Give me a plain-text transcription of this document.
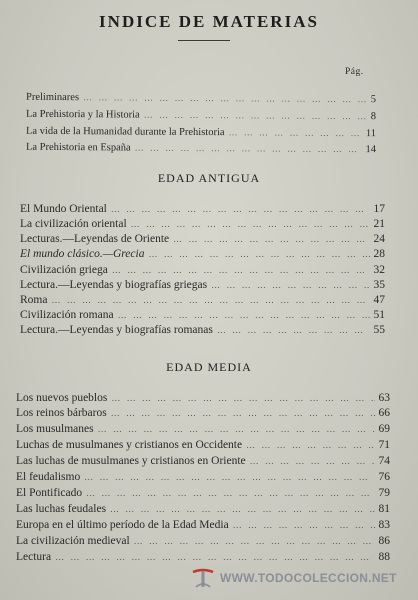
INDICE DE MATERIAS
Pág.
Preliminares … … … … … … … … … … … … … … … … … … … … … … … … … … … … … … … … …	5
La Prehistoria y la Historia … … … … … … … … … … … … … … … … … … … … … … … … … … … … … … … … …	8
La vida de la Humanidad durante la Prehistoria … … … … … … … … … … … … … … … … … … … … … … … … … … … … … … … … …	11
La Prehistoria en España … … … … … … … … … … … … … … … … … … … … … … … … … … … … … … … … …	14
EDAD ANTIGUA
El Mundo Oriental … … … … … … … … … … … … … … … … … … … … … … … … … … … … … … … … …	17
La civilización oriental … … … … … … … … … … … … … … … … … … … … … … … … … … … … … … … … …	21
Lecturas.—Leyendas de Oriente … … … … … … … … … … … … … … … … … … … … … … … … … … … … … … … … …	24
El mundo clásico.—Grecia … … … … … … … … … … … … … … … … … … … … … … … … … … … … … … … … …	28
Civilización griega … … … … … … … … … … … … … … … … … … … … … … … … … … … … … … … … …	32
Lectura.—Leyendas y biografías griegas … … … … … … … … … … … … … … … … … … … … … … … … … … … … … … … … …	35
Roma … … … … … … … … … … … … … … … … … … … … … … … … … … … … … … … … …	47
Civilización romana … … … … … … … … … … … … … … … … … … … … … … … … … … … … … … … … …	51
Lectura.—Leyendas y biografías romanas … … … … … … … … … … … … … … … … … … … … … … … … … … … … … … … … …	55
EDAD MEDIA
Los nuevos pueblos … … … … … … … … … … … … … … … … … … … … … … … … … … … … … … … … …	63
Los reinos bárbaros … … … … … … … … … … … … … … … … … … … … … … … … … … … … … … … … …	66
Los musulmanes … … … … … … … … … … … … … … … … … … … … … … … … … … … … … … … … …	69
Luchas de musulmanes y cristianos en Occidente … … … … … … … … … … … … … … … … … … … … … … … … … … … … … … … … …	71
Las luchas de musulmanes y cristianos en Oriente … … … … … … … … … … … … … … … … … … … … … … … … … … … … … … … … …	74
El feudalismo … … … … … … … … … … … … … … … … … … … … … … … … … … … … … … … … …	76
El Pontificado … … … … … … … … … … … … … … … … … … … … … … … … … … … … … … … … …	79
Las luchas feudales … … … … … … … … … … … … … … … … … … … … … … … … … … … … … … … … …	81
Europa en el último período de la Edad Media … … … … … … … … … … … … … … … … … … … … … … … … … … … … … … … … …	83
La civilización medieval … … … … … … … … … … … … … … … … … … … … … … … … … … … … … … … … …	86
Lectura … … … … … … … … … … … … … … … … … … … … … … … … … … … … … … … … …	88
WWW.TODOCOLECCION.NET
